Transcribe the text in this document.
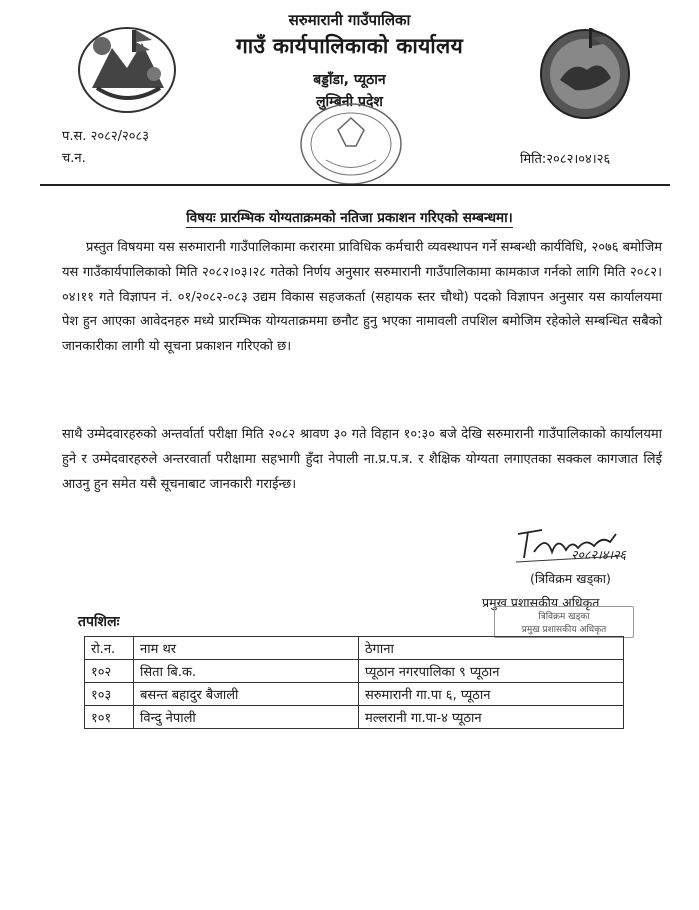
सरुमारानी गाउँपालिका
गाउँ कार्यपालिकाको कार्यालय
बड्डाँडा, प्यूठान
लुम्बिनी प्रदेश
प.स. २०८२/२०८३
च.न.	मिति:२०८२।०४।२६
विषयः प्रारम्भिक योग्यताक्रमको नतिजा प्रकाशन गरिएको सम्बन्धमा।
प्रस्तुत विषयमा यस सरुमारानी गाउँपालिकामा करारमा प्राविधिक कर्मचारी व्यवस्थापन गर्ने सम्बन्धी कार्यविधि, २०७६ बमोजिम यस गाउँकार्यपालिकाको मिति २०८२।०३।२८ गतेको निर्णय अनुसार सरुमारानी गाउँपालिकामा कामकाज गर्नको लागि मिति २०८२।०४।११ गते विज्ञापन नं. ०१/२०८२-०८३ उद्यम विकास सहजकर्ता (सहायक स्तर चौथो) पदको विज्ञापन अनुसार यस कार्यालयमा पेश हुन आएका आवेदनहरु मध्ये प्रारम्भिक योग्यताक्रममा छनौट हुनु भएका नामावली तपशिल बमोजिम रहेकोले सम्बन्धित सबैको जानकारीका लागी यो सूचना प्रकाशन गरिएको छ।
साथै उम्मेदवारहरुको अन्तर्वार्ता परीक्षा मिति २०८२ श्रावण ३० गते विहान १०:३० बजे देखि सरुमारानी गाउँपालिकाको कार्यालयमा हुने र उम्मेदवारहरुले अन्तरवार्ता परीक्षामा सहभागी हुँदा नेपाली ना.प्र.प.त्र. र शैक्षिक योग्यता लगाएतका सक्कल कागजात लिई आउनु हुन समेत यसै सूचनाबाट जानकारी गराईन्छ।
२०८२।४।२६
(त्रिविक्रम खड्का)
प्रमुख प्रशासकीय अधिकृत
त्रिविक्रम खड्का
प्रमुख प्रशासकीय अधिकृत
तपशिलः
रो.न.	नाम थर	ठेगाना
१०२	सिता बि.क.	प्यूठान नगरपालिका ९ प्यूठान
१०३	बसन्त बहादुर बैजाली	सरुमारानी गा.पा ६, प्यूठान
१०१	विन्दु नेपाली	मल्लरानी गा.पा-४ प्यूठान
